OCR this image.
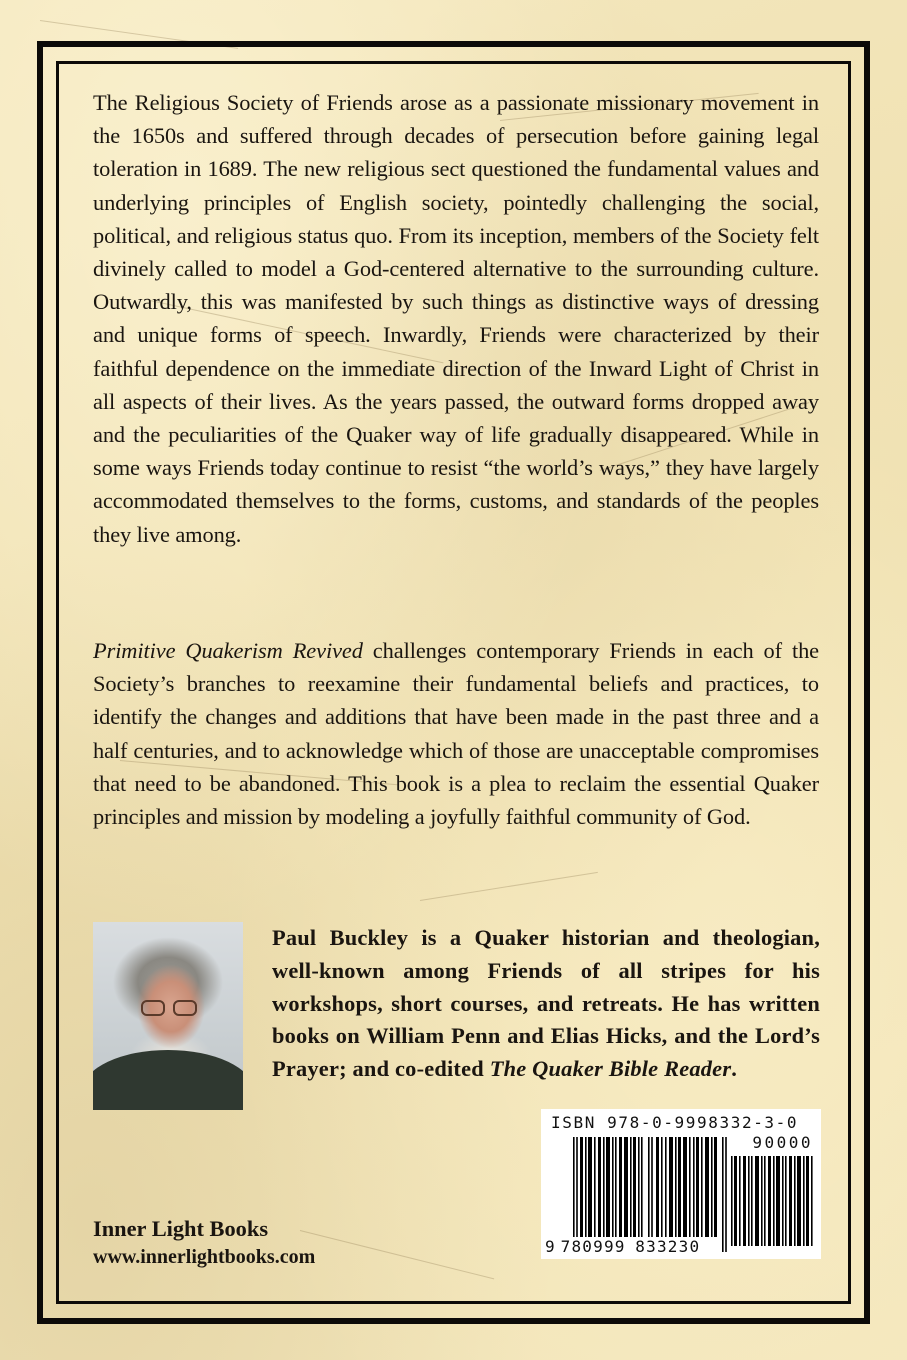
The Religious Society of Friends arose as a passionate missionary movement in the 1650s and suffered through decades of persecution before gaining legal toleration in 1689. The new religious sect questioned the fundamental values and underlying principles of English society, pointedly challenging the social, political, and religious status quo. From its inception, members of the Society felt divinely called to model a God-centered alternative to the surrounding culture. Outwardly, this was manifested by such things as distinctive ways of dressing and unique forms of speech. Inwardly, Friends were characterized by their faithful dependence on the immediate direction of the Inward Light of Christ in all aspects of their lives. As the years passed, the outward forms dropped away and the peculiarities of the Quaker way of life gradually disappeared. While in some ways Friends today continue to resist “the world’s ways,” they have largely accommodated themselves to the forms, customs, and standards of the peoples they live among.

Primitive Quakerism Revived challenges contemporary Friends in each of the Society’s branches to reexamine their fundamental beliefs and practices, to identify the changes and additions that have been made in the past three and a half centuries, and to acknowledge which of those are unacceptable compromises that need to be abandoned. This book is a plea to reclaim the essential Quaker principles and mission by modeling a joyfully faithful community of God.

Paul Buckley is a Quaker historian and theologian, well-known among Friends of all stripes for his workshops, short courses, and retreats. He has written books on William Penn and Elias Hicks, and the Lord’s Prayer; and co-edited The Quaker Bible Reader.

ISBN 978-0-9998332-3-0
90000
9 780999 833230
Inner Light Books
www.innerlightbooks.com
